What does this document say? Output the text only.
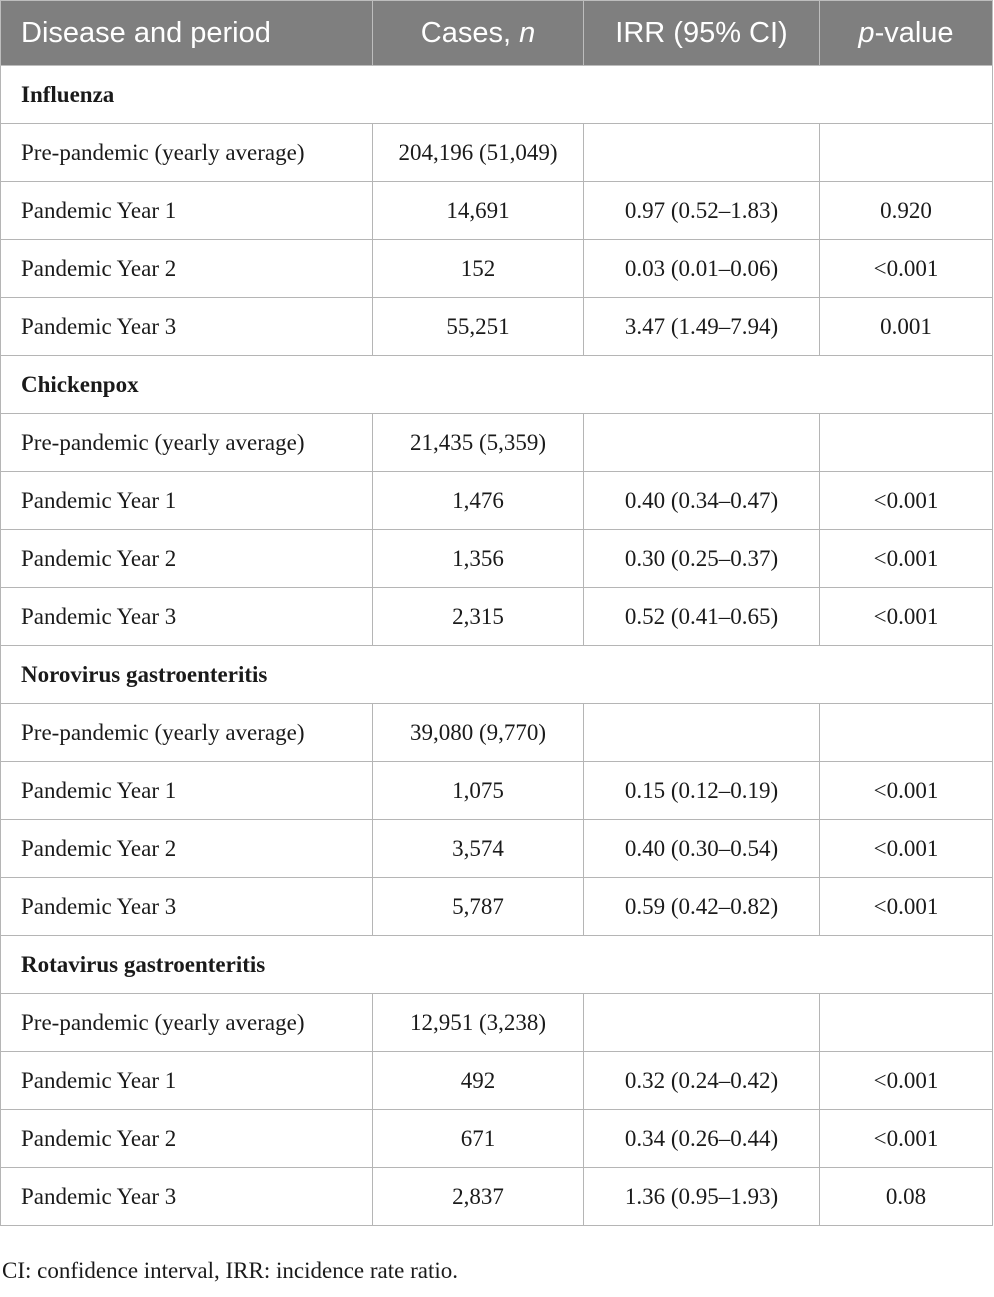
Disease and period	Cases, n	IRR (95% CI)	p-value
Influenza			
Pre-pandemic (yearly average)	204,196 (51,049)		
Pandemic Year 1	14,691	0.97 (0.52–1.83)	0.920
Pandemic Year 2	152	0.03 (0.01–0.06)	<0.001
Pandemic Year 3	55,251	3.47 (1.49–7.94)	0.001
Chickenpox			
Pre-pandemic (yearly average)	21,435 (5,359)		
Pandemic Year 1	1,476	0.40 (0.34–0.47)	<0.001
Pandemic Year 2	1,356	0.30 (0.25–0.37)	<0.001
Pandemic Year 3	2,315	0.52 (0.41–0.65)	<0.001
Norovirus gastroenteritis			
Pre-pandemic (yearly average)	39,080 (9,770)		
Pandemic Year 1	1,075	0.15 (0.12–0.19)	<0.001
Pandemic Year 2	3,574	0.40 (0.30–0.54)	<0.001
Pandemic Year 3	5,787	0.59 (0.42–0.82)	<0.001
Rotavirus gastroenteritis			
Pre-pandemic (yearly average)	12,951 (3,238)		
Pandemic Year 1	492	0.32 (0.24–0.42)	<0.001
Pandemic Year 2	671	0.34 (0.26–0.44)	<0.001
Pandemic Year 3	2,837	1.36 (0.95–1.93)	0.08
CI: confidence interval, IRR: incidence rate ratio.
